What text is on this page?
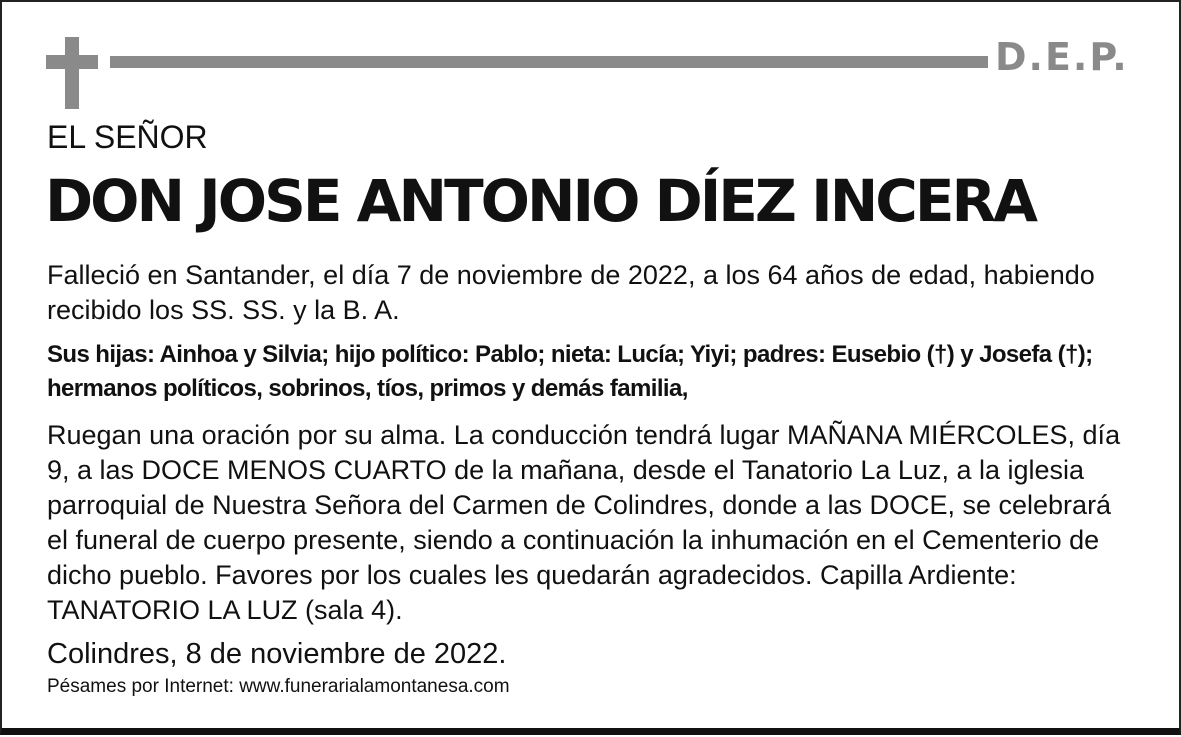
D.E.P.
EL SEÑOR
DON JOSE ANTONIO DÍEZ INCERA

Falleció en Santander, el día 7 de noviembre de 2022, a los 64 años de edad, habiendo recibido los SS. SS. y la B. A.

Sus hijas: Ainhoa y Silvia; hijo político: Pablo; nieta: Lucía; Yiyi; padres: Eusebio (†) y Josefa (†); hermanos políticos, sobrinos, tíos, primos y demás familia,

Ruegan una oración por su alma. La conducción tendrá lugar MAÑANA MIÉRCOLES, día 9, a las DOCE MENOS CUARTO de la mañana, desde el Tanatorio La Luz, a la iglesia parroquial de Nuestra Señora del Carmen de Colindres, donde a las DOCE, se celebrará el funeral de cuerpo presente, siendo a continuación la inhumación en el Cementerio de dicho pueblo. Favores por los cuales les quedarán agradecidos. Capilla Ardiente: TANATORIO LA LUZ (sala 4).

Colindres, 8 de noviembre de 2022.
Pésames por Internet: www.funerarialamontanesa.com
